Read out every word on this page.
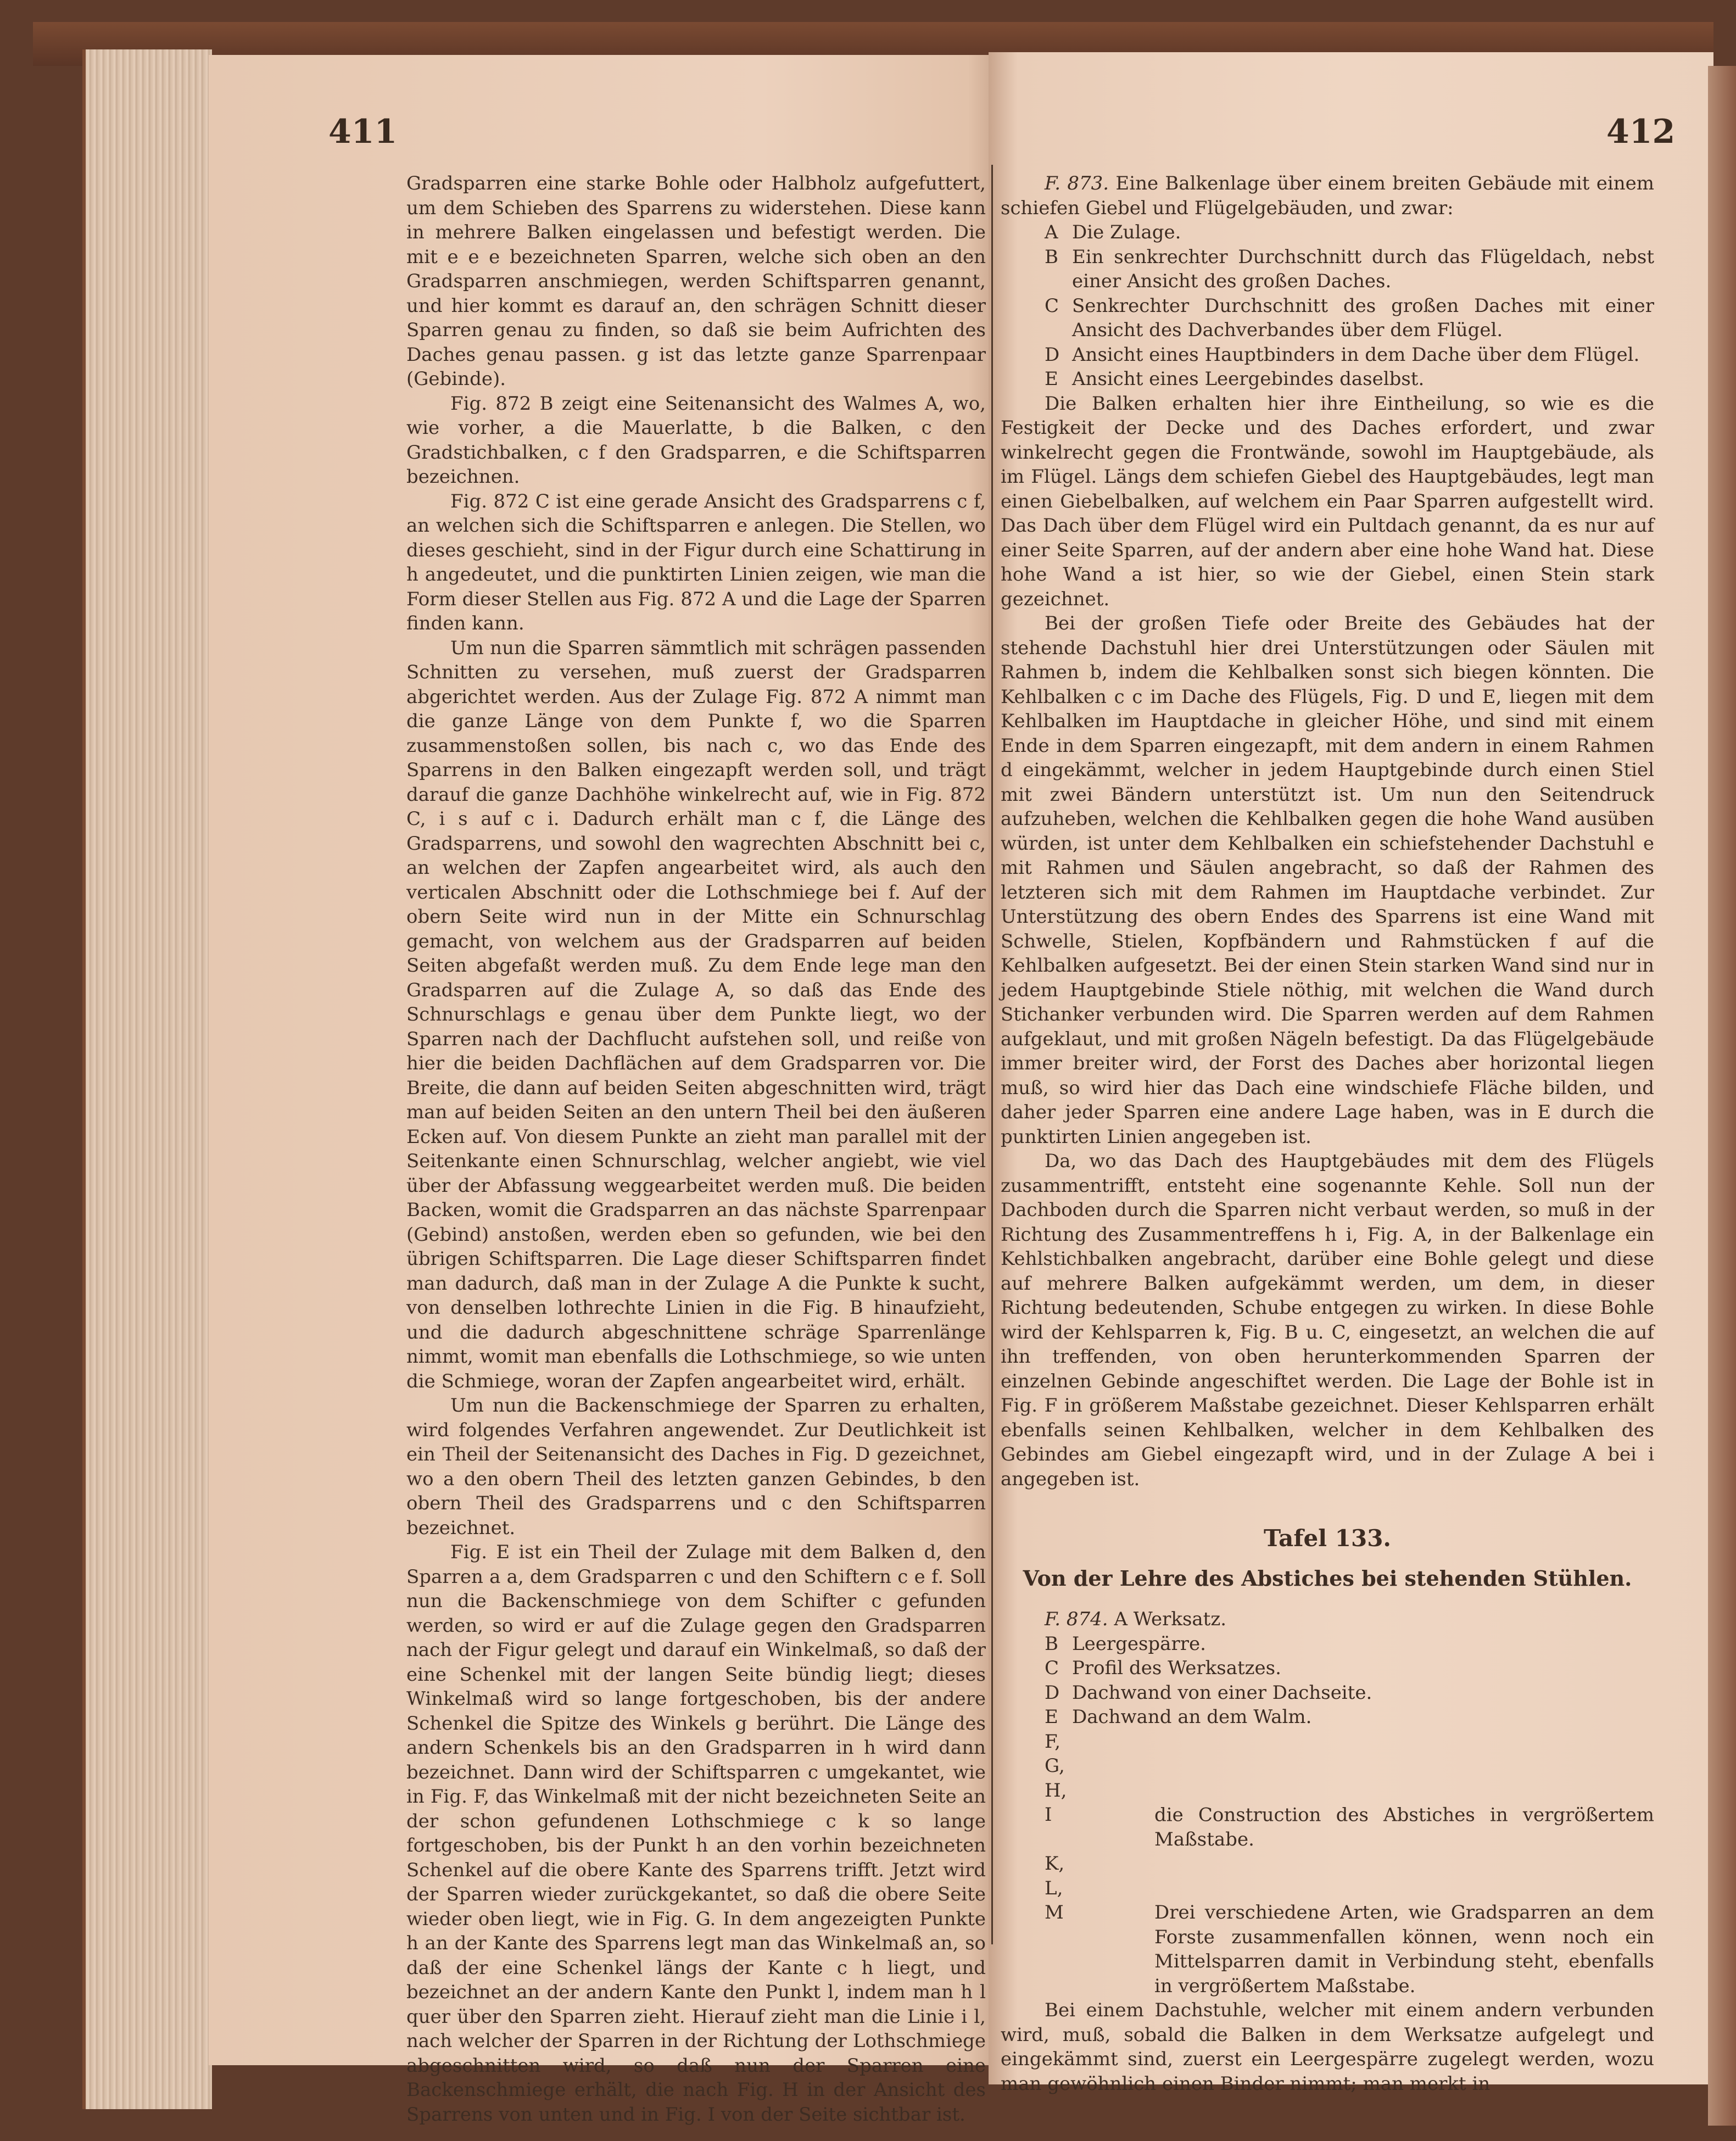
411	412

Gradsparren eine starke Bohle oder Halbholz aufgefuttert, um dem Schieben des Sparrens zu widerstehen. Diese kann in mehrere Balken eingelassen und befestigt werden. Die mit e e e bezeichneten Sparren, welche sich oben an den Gradsparren anschmiegen, werden Schiftsparren genannt, und hier kommt es darauf an, den schrägen Schnitt dieser Sparren genau zu finden, so daß sie beim Aufrichten des Daches genau passen. g ist das letzte ganze Sparrenpaar (Gebinde).

Fig. 872 B zeigt eine Seitenansicht des Walmes A, wo, wie vorher, a die Mauerlatte, b die Balken, c den Gradstichbalken, c f den Gradsparren, e die Schiftsparren bezeichnen.

Fig. 872 C ist eine gerade Ansicht des Gradsparrens c f, an welchen sich die Schiftsparren e anlegen. Die Stellen, wo dieses geschieht, sind in der Figur durch eine Schattirung in h angedeutet, und die punktirten Linien zeigen, wie man die Form dieser Stellen aus Fig. 872 A und die Lage der Sparren finden kann.

Um nun die Sparren sämmtlich mit schrägen passenden Schnitten zu versehen, muß zuerst der Gradsparren abgerichtet werden. Aus der Zulage Fig. 872 A nimmt man die ganze Länge von dem Punkte f, wo die Sparren zusammenstoßen sollen, bis nach c, wo das Ende des Sparrens in den Balken eingezapft werden soll, und trägt darauf die ganze Dachhöhe winkelrecht auf, wie in Fig. 872 C, i s auf c i. Dadurch erhält man c f, die Länge des Gradsparrens, und sowohl den wagrechten Abschnitt bei c, an welchen der Zapfen angearbeitet wird, als auch den verticalen Abschnitt oder die Lothschmiege bei f. Auf der obern Seite wird nun in der Mitte ein Schnurschlag gemacht, von welchem aus der Gradsparren auf beiden Seiten abgefaßt werden muß. Zu dem Ende lege man den Gradsparren auf die Zulage A, so daß das Ende des Schnurschlags e genau über dem Punkte liegt, wo der Sparren nach der Dachflucht aufstehen soll, und reiße von hier die beiden Dachflächen auf dem Gradsparren vor. Die Breite, die dann auf beiden Seiten abgeschnitten wird, trägt man auf beiden Seiten an den untern Theil bei den äußeren Ecken auf. Von diesem Punkte an zieht man parallel mit der Seitenkante einen Schnurschlag, welcher angiebt, wie viel über der Abfassung weggearbeitet werden muß. Die beiden Backen, womit die Gradsparren an das nächste Sparrenpaar (Gebind) anstoßen, werden eben so gefunden, wie bei den übrigen Schiftsparren. Die Lage dieser Schiftsparren findet man dadurch, daß man in der Zulage A die Punkte k sucht, von denselben lothrechte Linien in die Fig. B hinaufzieht, und die dadurch abgeschnittene schräge Sparrenlänge nimmt, womit man ebenfalls die Lothschmiege, so wie unten die Schmiege, woran der Zapfen angearbeitet wird, erhält.

Um nun die Backenschmiege der Sparren zu erhalten, wird folgendes Verfahren angewendet. Zur Deutlichkeit ist ein Theil der Seitenansicht des Daches in Fig. D gezeichnet, wo a den obern Theil des letzten ganzen Gebindes, b den obern Theil des Gradsparrens und c den Schiftsparren bezeichnet.

Fig. E ist ein Theil der Zulage mit dem Balken d, den Sparren a a, dem Gradsparren c und den Schiftern c e f. Soll nun die Backenschmiege von dem Schifter c gefunden werden, so wird er auf die Zulage gegen den Gradsparren nach der Figur gelegt und darauf ein Winkelmaß, so daß der eine Schenkel mit der langen Seite bündig liegt; dieses Winkelmaß wird so lange fortgeschoben, bis der andere Schenkel die Spitze des Winkels g berührt. Die Länge des andern Schenkels bis an den Gradsparren in h wird dann bezeichnet. Dann wird der Schiftsparren c umgekantet, wie in Fig. F, das Winkelmaß mit der nicht bezeichneten Seite an der schon gefundenen Lothschmiege c k so lange fortgeschoben, bis der Punkt h an den vorhin bezeichneten Schenkel auf die obere Kante des Sparrens trifft. Jetzt wird der Sparren wieder zurückgekantet, so daß die obere Seite wieder oben liegt, wie in Fig. G. In dem angezeigten Punkte h an der Kante des Sparrens legt man das Winkelmaß an, so daß der eine Schenkel längs der Kante c h liegt, und bezeichnet an der andern Kante den Punkt l, indem man h l quer über den Sparren zieht. Hierauf zieht man die Linie i l, nach welcher der Sparren in der Richtung der Lothschmiege abgeschnitten wird, so daß nun der Sparren eine Backenschmiege erhält, die nach Fig. H in der Ansicht des Sparrens von unten und in Fig. I von der Seite sichtbar ist.

F. 873. Eine Balkenlage über einem breiten Gebäude mit einem schiefen Giebel und Flügelgebäuden, und zwar:

A Die Zulage.
B Ein senkrechter Durchschnitt durch das Flügeldach, nebst einer Ansicht des großen Daches.
C Senkrechter Durchschnitt des großen Daches mit einer Ansicht des Dachverbandes über dem Flügel.
D Ansicht eines Hauptbinders in dem Dache über dem Flügel.
E Ansicht eines Leergebindes daselbst.

Die Balken erhalten hier ihre Eintheilung, so wie es die Festigkeit der Decke und des Daches erfordert, und zwar winkelrecht gegen die Frontwände, sowohl im Hauptgebäude, als im Flügel. Längs dem schiefen Giebel des Hauptgebäudes, legt man einen Giebelbalken, auf welchem ein Paar Sparren aufgestellt wird. Das Dach über dem Flügel wird ein Pultdach genannt, da es nur auf einer Seite Sparren, auf der andern aber eine hohe Wand hat. Diese hohe Wand a ist hier, so wie der Giebel, einen Stein stark gezeichnet.

Bei der großen Tiefe oder Breite des Gebäudes hat der stehende Dachstuhl hier drei Unterstützungen oder Säulen mit Rahmen b, indem die Kehlbalken sonst sich biegen könnten. Die Kehlbalken c c im Dache des Flügels, Fig. D und E, liegen mit dem Kehlbalken im Hauptdache in gleicher Höhe, und sind mit einem Ende in dem Sparren eingezapft, mit dem andern in einem Rahmen d eingekämmt, welcher in jedem Hauptgebinde durch einen Stiel mit zwei Bändern unterstützt ist. Um nun den Seitendruck aufzuheben, welchen die Kehlbalken gegen die hohe Wand ausüben würden, ist unter dem Kehlbalken ein schiefstehender Dachstuhl e mit Rahmen und Säulen angebracht, so daß der Rahmen des letzteren sich mit dem Rahmen im Hauptdache verbindet. Zur Unterstützung des obern Endes des Sparrens ist eine Wand mit Schwelle, Stielen, Kopfbändern und Rahmstücken f auf die Kehlbalken aufgesetzt. Bei der einen Stein starken Wand sind nur in jedem Hauptgebinde Stiele nöthig, mit welchen die Wand durch Stichanker verbunden wird. Die Sparren werden auf dem Rahmen aufgeklaut, und mit großen Nägeln befestigt. Da das Flügelgebäude immer breiter wird, der Forst des Daches aber horizontal liegen muß, so wird hier das Dach eine windschiefe Fläche bilden, und daher jeder Sparren eine andere Lage haben, was in E durch die punktirten Linien angegeben ist.

Da, wo das Dach des Hauptgebäudes mit dem des Flügels zusammentrifft, entsteht eine sogenannte Kehle. Soll nun der Dachboden durch die Sparren nicht verbaut werden, so muß in der Richtung des Zusammentreffens h i, Fig. A, in der Balkenlage ein Kehlstichbalken angebracht, darüber eine Bohle gelegt und diese auf mehrere Balken aufgekämmt werden, um dem, in dieser Richtung bedeutenden, Schube entgegen zu wirken. In diese Bohle wird der Kehlsparren k, Fig. B u. C, eingesetzt, an welchen die auf ihn treffenden, von oben herunterkommenden Sparren der einzelnen Gebinde angeschiftet werden. Die Lage der Bohle ist in Fig. F in größerem Maßstabe gezeichnet. Dieser Kehlsparren erhält ebenfalls seinen Kehlbalken, welcher in dem Kehlbalken des Gebindes am Giebel eingezapft wird, und in der Zulage A bei i angegeben ist.

Tafel 133.
Von der Lehre des Abstiches bei stehenden Stühlen.

F. 874. A Werksatz.

B Leergespärre.
C Profil des Werksatzes.
D Dachwand von einer Dachseite.
E Dachwand an dem Walm.
F, G, H, I	die Construction des Abstiches in vergrößertem Maßstabe.
K, L, M	Drei verschiedene Arten, wie Gradsparren an dem Forste zusammenfallen können, wenn noch ein Mittelsparren damit in Verbindung steht, ebenfalls in vergrößertem Maßstabe.

Bei einem Dachstuhle, welcher mit einem andern verbunden wird, muß, sobald die Balken in dem Werksatze aufgelegt und eingekämmt sind, zuerst ein Leergespärre zugelegt werden, wozu man gewöhnlich einen Binder nimmt; man merkt in
